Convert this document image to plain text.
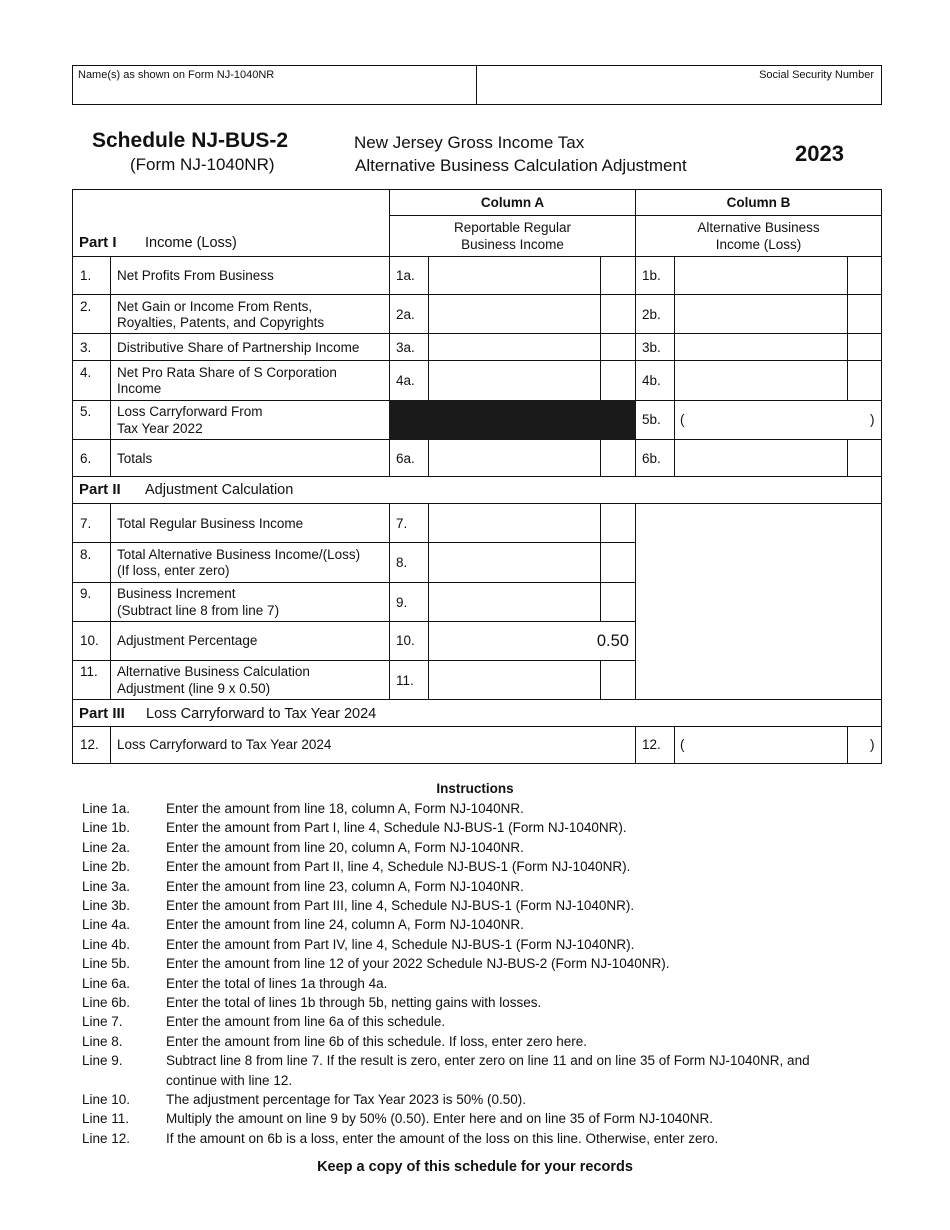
Name(s) as shown on Form NJ-1040NR	Social Security Number
Schedule NJ-BUS-2
(Form NJ-1040NR)
New Jersey Gross Income Tax
Alternative Business Calculation Adjustment	2023
Column A	Column B
Reportable Regular
Business Income
Alternative Business
Income (Loss)
Part I Income (Loss)
1. Net Profits From Business	1a.	1b.
2. Net Gain or Income From Rents,
Royalties, Patents, and Copyrights
2a.	2b.
3. Distributive Share of Partnership Income	3a.	3b.
4. Net Pro Rata Share of S Corporation
Income
4a.	4b.
5. Loss Carryforward From
Tax Year 2022
5b. (	)
6. Totals	6a.	6b.
Part II Adjustment Calculation
7. Total Regular Business Income	7.
8. Total Alternative Business Income/(Loss)
(If loss, enter zero)
8.
9. Business Increment
(Subtract line 8 from line 7)
9.
10. Adjustment Percentage	10.	0.50
11. Alternative Business Calculation
Adjustment (line 9 x 0.50)
11.
Part III Loss Carryforward to Tax Year 2024
12. Loss Carryforward to Tax Year 2024	12. (	)
Instructions
Line 1a.	Enter the amount from line 18, column A, Form NJ-1040NR.
Line 1b.	Enter the amount from Part I, line 4, Schedule NJ-BUS-1 (Form NJ-1040NR).
Line 2a.	Enter the amount from line 20, column A, Form NJ-1040NR.
Line 2b.	Enter the amount from Part II, line 4, Schedule NJ-BUS-1 (Form NJ-1040NR).
Line 3a.	Enter the amount from line 23, column A, Form NJ-1040NR.
Line 3b.	Enter the amount from Part III, line 4, Schedule NJ-BUS-1 (Form NJ-1040NR).
Line 4a.	Enter the amount from line 24, column A, Form NJ-1040NR.
Line 4b.	Enter the amount from Part IV, line 4, Schedule NJ-BUS-1 (Form NJ-1040NR).
Line 5b.	Enter the amount from line 12 of your 2022 Schedule NJ-BUS-2 (Form NJ-1040NR).
Line 6a.	Enter the total of lines 1a through 4a.
Line 6b.	Enter the total of lines 1b through 5b, netting gains with losses.
Line 7.	Enter the amount from line 6a of this schedule.
Line 8.	Enter the amount from line 6b of this schedule. If loss, enter zero here.
Line 9.	Subtract line 8 from line 7. If the result is zero, enter zero on line 11 and on line 35 of Form NJ-1040NR, and
continue with line 12.
Line 10.	The adjustment percentage for Tax Year 2023 is 50% (0.50).
Line 11.	Multiply the amount on line 9 by 50% (0.50). Enter here and on line 35 of Form NJ-1040NR.
Line 12.	If the amount on 6b is a loss, enter the amount of the loss on this line. Otherwise, enter zero.
Keep a copy of this schedule for your records
